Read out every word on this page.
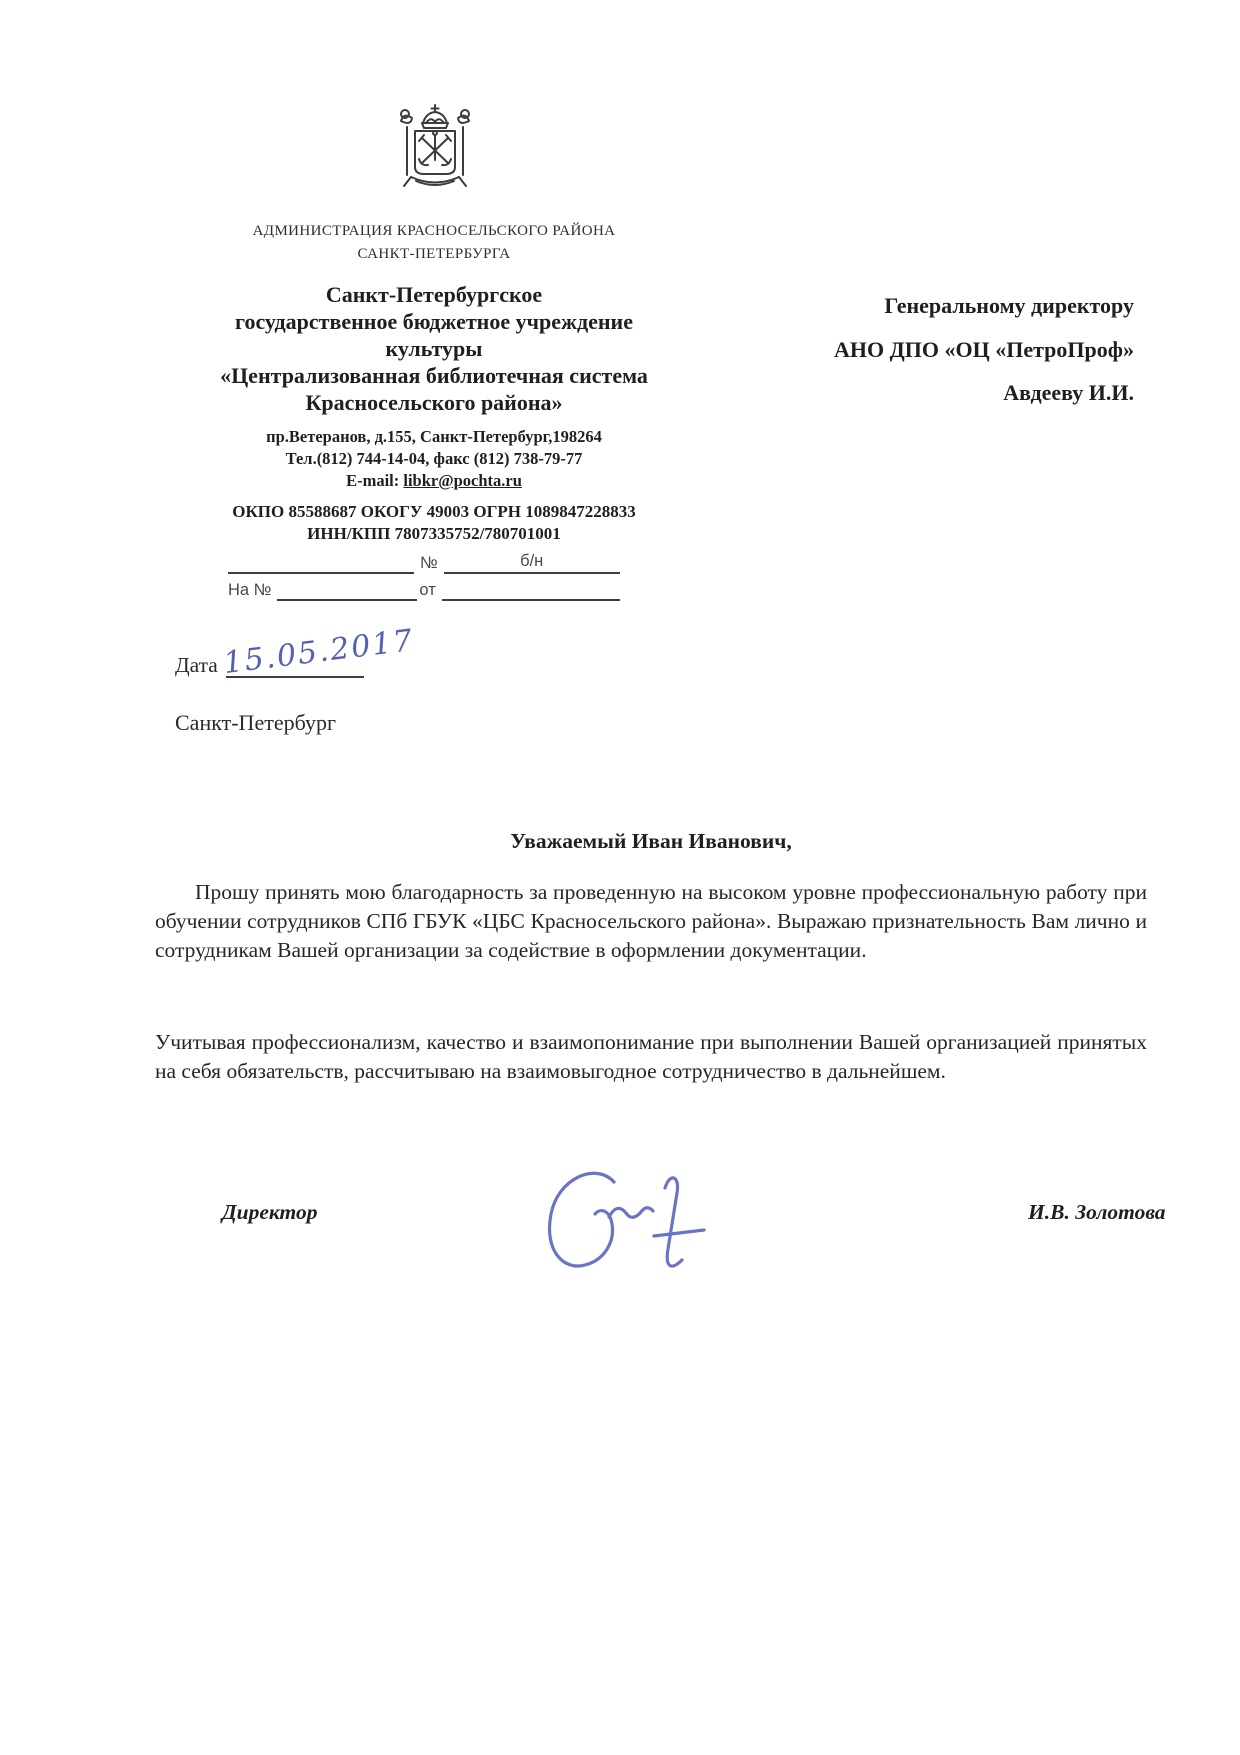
АДМИНИСТРАЦИЯ КРАСНОСЕЛЬСКОГО РАЙОНА
САНКТ-ПЕТЕРБУРГА
Санкт-Петербургское
государственное бюджетное учреждение
культуры
«Централизованная библиотечная система
Красносельского района»
Генеральному директору
АНО ДПО «ОЦ «ПетроПроф»
Авдееву И.И.
пр.Ветеранов, д.155, Санкт-Петербург,198264
Тел.(812) 744-14-04, факс (812) 738-79-77
E-mail: libkr@pochta.ru
ОКПО 85588687 ОКОГУ 49003 ОГРН 1089847228833
ИНН/КПП 7807335752/780701001
№	б/н
На №	от
Дата 15.05.2017
Санкт-Петербург
Уважаемый Иван Иванович,

Прошу принять мою благодарность за проведенную на высоком уровне профессиональную работу при обучении сотрудников СПб ГБУК «ЦБС Красносельского района». Выражаю признательность Вам лично и сотрудникам Вашей организации за содействие в оформлении документации.

Учитывая профессионализм, качество и взаимопонимание при выполнении Вашей организацией принятых на себя обязательств, рассчитываю на взаимовыгодное сотрудничество в дальнейшем.

Директор	И.В. Золотова
